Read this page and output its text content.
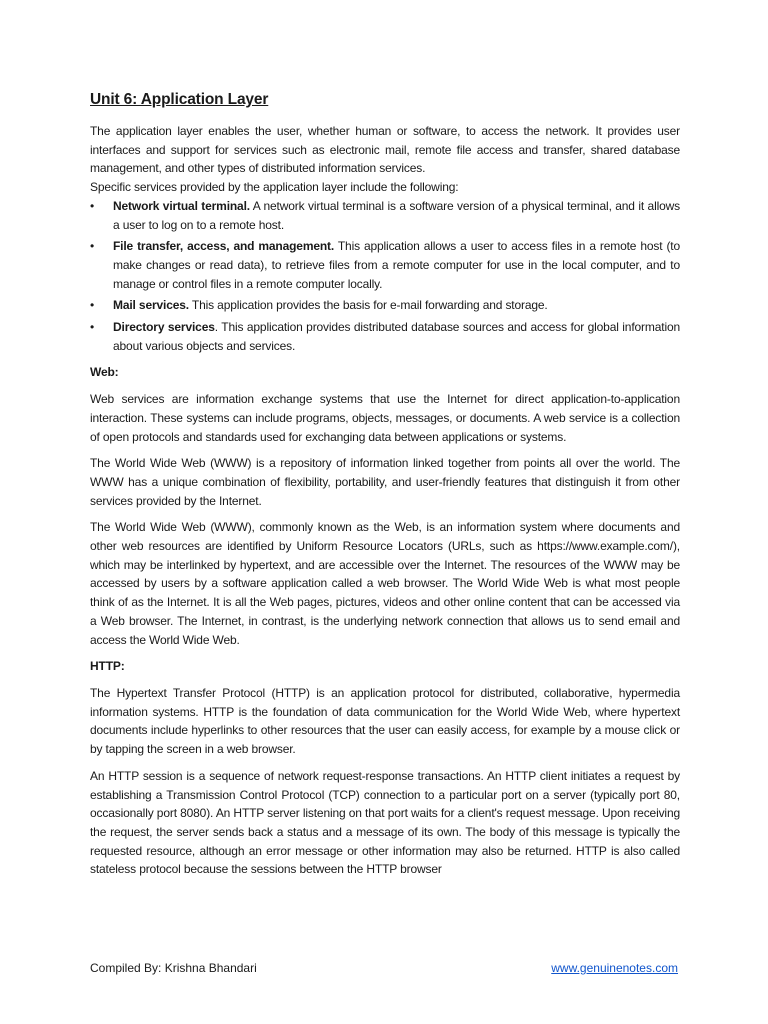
Unit 6: Application Layer

The application layer enables the user, whether human or software, to access the network. It provides user interfaces and support for services such as electronic mail, remote file access and transfer, shared database management, and other types of distributed information services.

Specific services provided by the application layer include the following:

• Network virtual terminal. A network virtual terminal is a software version of a physical terminal, and it allows a user to log on to a remote host.
• File transfer, access, and management. This application allows a user to access files in a remote host (to make changes or read data), to retrieve files from a remote computer for use in the local computer, and to manage or control files in a remote computer locally.
• Mail services. This application provides the basis for e-mail forwarding and storage.
• Directory services. This application provides distributed database sources and access for global information about various objects and services.
Web:

Web services are information exchange systems that use the Internet for direct application-to-application interaction. These systems can include programs, objects, messages, or documents. A web service is a collection of open protocols and standards used for exchanging data between applications or systems.

The World Wide Web (WWW) is a repository of information linked together from points all over the world. The WWW has a unique combination of flexibility, portability, and user-friendly features that distinguish it from other services provided by the Internet.

The World Wide Web (WWW), commonly known as the Web, is an information system where documents and other web resources are identified by Uniform Resource Locators (URLs, such as https://www.example.com/), which may be interlinked by hypertext, and are accessible over the Internet. The resources of the WWW may be accessed by users by a software application called a web browser. The World Wide Web is what most people think of as the Internet. It is all the Web pages, pictures, videos and other online content that can be accessed via a Web browser. The Internet, in contrast, is the underlying network connection that allows us to send email and access the World Wide Web.

HTTP:

The Hypertext Transfer Protocol (HTTP) is an application protocol for distributed, collaborative, hypermedia information systems. HTTP is the foundation of data communication for the World Wide Web, where hypertext documents include hyperlinks to other resources that the user can easily access, for example by a mouse click or by tapping the screen in a web browser.

An HTTP session is a sequence of network request-response transactions. An HTTP client initiates a request by establishing a Transmission Control Protocol (TCP) connection to a particular port on a server (typically port 80, occasionally port 8080). An HTTP server listening on that port waits for a client's request message. Upon receiving the request, the server sends back a status and a message of its own. The body of this message is typically the requested resource, although an error message or other information may also be returned. HTTP is also called stateless protocol because the sessions between the HTTP browser

Compiled By: Krishna Bhandari	www.genuinenotes.com
